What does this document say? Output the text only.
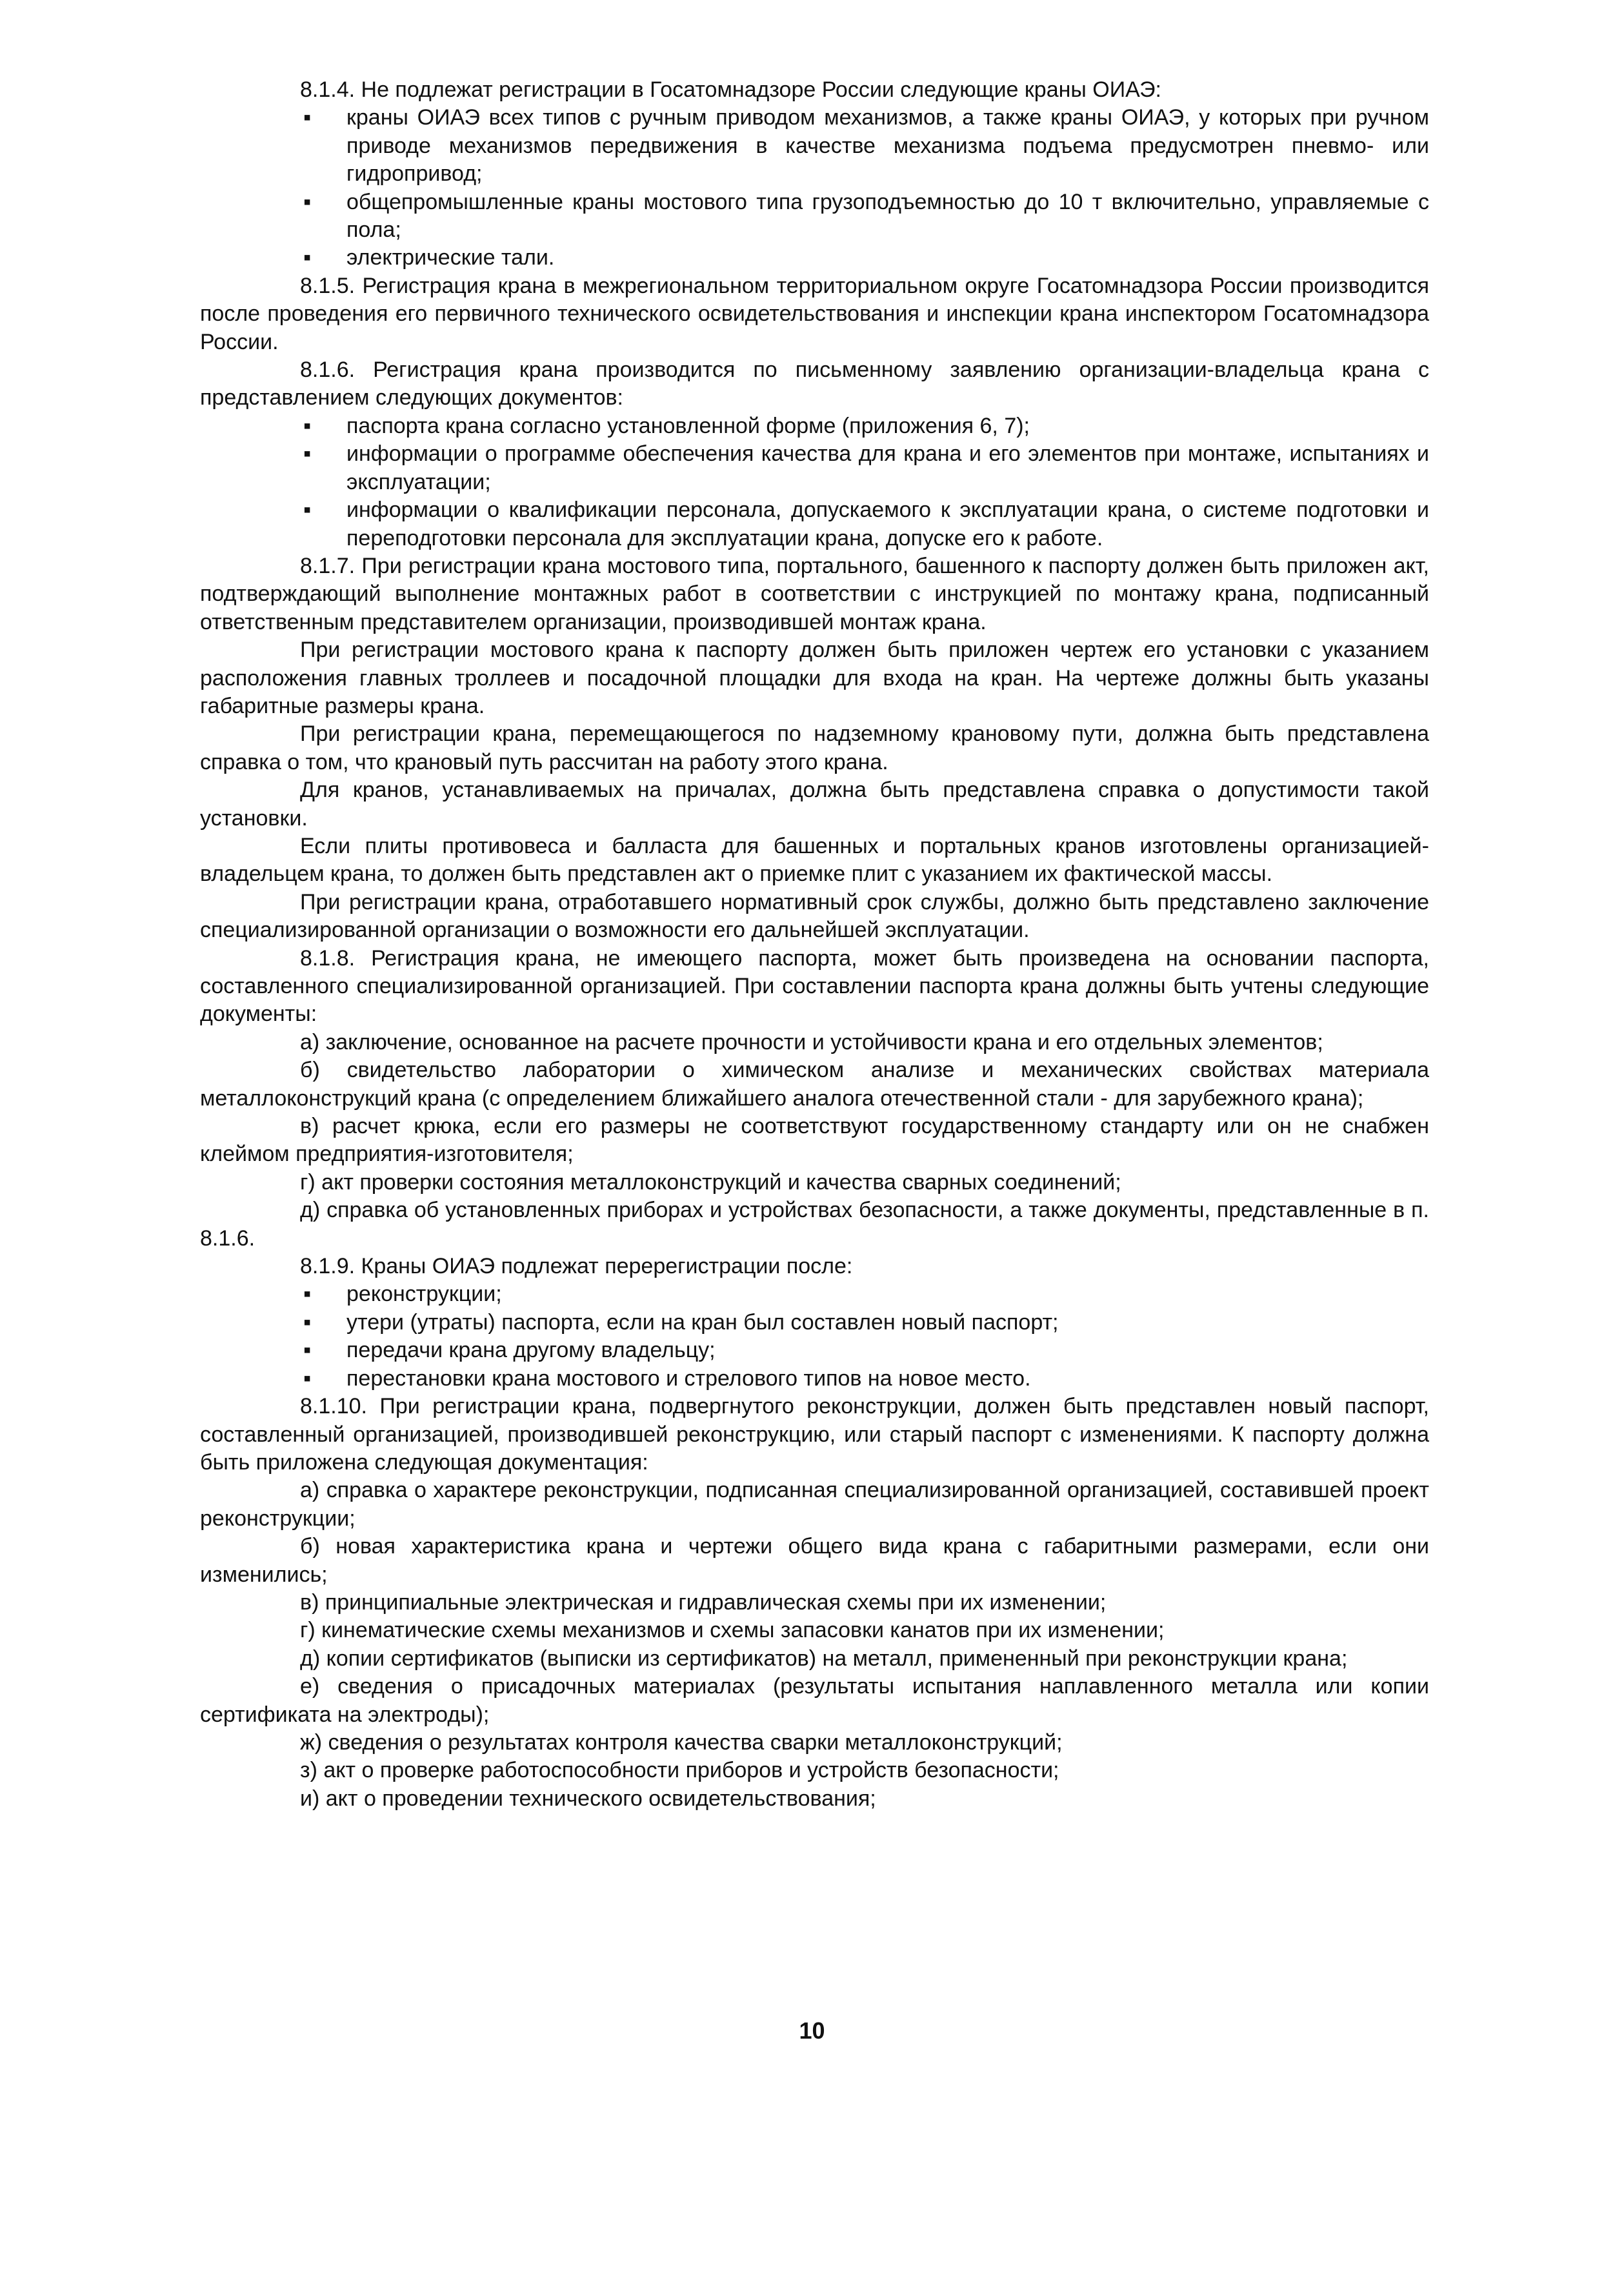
8.1.4. Не подлежат регистрации в Госатомнадзоре России следующие краны ОИАЭ:

▪ краны ОИАЭ всех типов с ручным приводом механизмов, а также краны ОИАЭ, у которых при ручном приводе механизмов передвижения в качестве механизма подъема предусмотрен пневмо- или гидропривод;

▪ общепромышленные краны мостового типа грузоподъемностью до 10 т включительно, управляемые с пола;

▪ электрические тали.

8.1.5. Регистрация крана в межрегиональном территориальном округе Госатомнадзора России производится после проведения его первичного технического освидетельствования и инспекции крана инспектором Госатомнадзора России.

8.1.6. Регистрация крана производится по письменному заявлению организации-владельца крана с представлением следующих документов:

▪ паспорта крана согласно установленной форме (приложения 6, 7);

▪ информации о программе обеспечения качества для крана и его элементов при монтаже, испытаниях и эксплуатации;

▪ информации о квалификации персонала, допускаемого к эксплуатации крана, о системе подготовки и переподготовки персонала для эксплуатации крана, допуске его к работе.

8.1.7. При регистрации крана мостового типа, портального, башенного к паспорту должен быть приложен акт, подтверждающий выполнение монтажных работ в соответствии с инструкцией по монтажу крана, подписанный ответственным представителем организации, производившей монтаж крана.

При регистрации мостового крана к паспорту должен быть приложен чертеж его установки с указанием расположения главных троллеев и посадочной площадки для входа на кран. На чертеже должны быть указаны габаритные размеры крана.

При регистрации крана, перемещающегося по надземному крановому пути, должна быть представлена справка о том, что крановый путь рассчитан на работу этого крана.

Для кранов, устанавливаемых на причалах, должна быть представлена справка о допустимости такой установки.

Если плиты противовеса и балласта для башенных и портальных кранов изготовлены организацией-владельцем крана, то должен быть представлен акт о приемке плит с указанием их фактической массы.

При регистрации крана, отработавшего нормативный срок службы, должно быть представлено заключение специализированной организации о возможности его дальнейшей эксплуатации.

8.1.8. Регистрация крана, не имеющего паспорта, может быть произведена на основании паспорта, составленного специализированной организацией. При составлении паспорта крана должны быть учтены следующие документы:

а) заключение, основанное на расчете прочности и устойчивости крана и его отдельных элементов;

б) свидетельство лаборатории о химическом анализе и механических свойствах материала металлоконструкций крана (с определением ближайшего аналога отечественной стали - для зарубежного крана);

в) расчет крюка, если его размеры не соответствуют государственному стандарту или он не снабжен клеймом предприятия-изготовителя;

г) акт проверки состояния металлоконструкций и качества сварных соединений;

д) справка об установленных приборах и устройствах безопасности, а также документы, представленные в п. 8.1.6.

8.1.9. Краны ОИАЭ подлежат перерегистрации после:

▪ реконструкции;

▪ утери (утраты) паспорта, если на кран был составлен новый паспорт;

▪ передачи крана другому владельцу;

▪ перестановки крана мостового и стрелового типов на новое место.

8.1.10. При регистрации крана, подвергнутого реконструкции, должен быть представлен новый паспорт, составленный организацией, производившей реконструкцию, или старый паспорт с изменениями. К паспорту должна быть приложена следующая документация:

а) справка о характере реконструкции, подписанная специализированной организацией, составившей проект реконструкции;

б) новая характеристика крана и чертежи общего вида крана с габаритными размерами, если они изменились;

в) принципиальные электрическая и гидравлическая схемы при их изменении;

г) кинематические схемы механизмов и схемы запасовки канатов при их изменении;

д) копии сертификатов (выписки из сертификатов) на металл, примененный при реконструкции крана;

е) сведения о присадочных материалах (результаты испытания наплавленного металла или копии сертификата на электроды);

ж) сведения о результатах контроля качества сварки металлоконструкций;

з) акт о проверке работоспособности приборов и устройств безопасности;

и) акт о проведении технического освидетельствования;

10
